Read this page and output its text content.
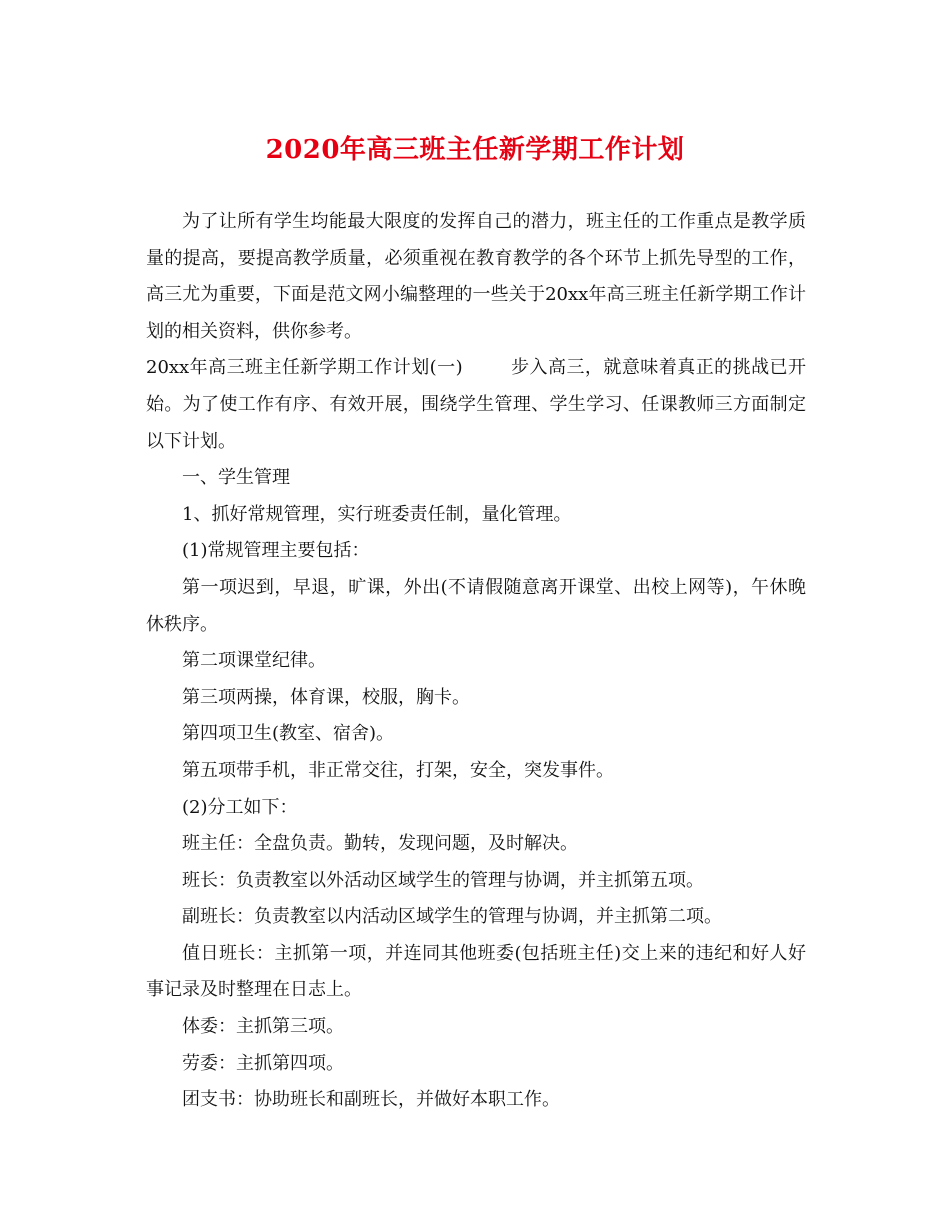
2020年高三班主任新学期工作计划

为了让所有学生均能最大限度的发挥自己的潜力，班主任的工作重点是教学质量的提高，要提高教学质量，必须重视在教育教学的各个环节上抓先导型的工作，高三尤为重要，下面是范文网小编整理的一些关于20xx年高三班主任新学期工作计划的相关资料，供你参考。

20xx年高三班主任新学期工作计划(一)	步入高三，就意味着真正的挑战已开始。为了使工作有序、有效开展，围绕学生管理、学生学习、任课教师三方面制定以下计划。

一、学生管理

1、抓好常规管理，实行班委责任制，量化管理。

(1)常规管理主要包括：

第一项迟到，早退，旷课，外出(不请假随意离开课堂、出校上网等)，午休晚休秩序。

第二项课堂纪律。

第三项两操，体育课，校服，胸卡。

第四项卫生(教室、宿舍)。

第五项带手机，非正常交往，打架，安全，突发事件。

(2)分工如下：

班主任：全盘负责。勤转，发现问题，及时解决。

班长：负责教室以外活动区域学生的管理与协调，并主抓第五项。

副班长：负责教室以内活动区域学生的管理与协调，并主抓第二项。

值日班长：主抓第一项，并连同其他班委(包括班主任)交上来的违纪和好人好事记录及时整理在日志上。

体委：主抓第三项。

劳委：主抓第四项。

团支书：协助班长和副班长，并做好本职工作。
